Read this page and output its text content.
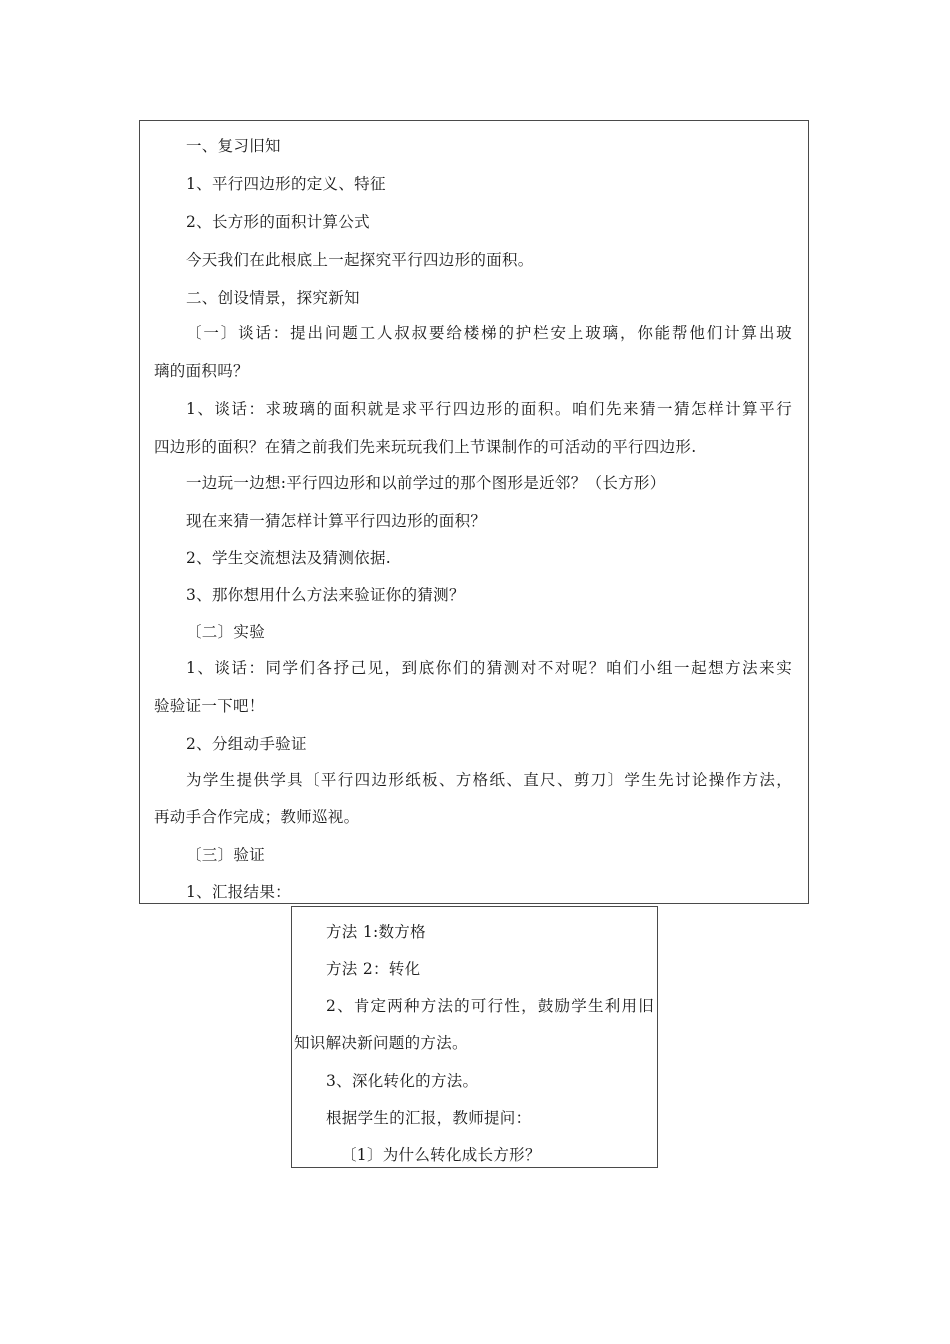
一、复习旧知
1、平行四边形的定义、特征
2、长方形的面积计算公式
今天我们在此根底上一起探究平行四边形的面积。
二、创设情景，探究新知
〔一〕谈话：提出问题工人叔叔要给楼梯的护栏安上玻璃，你能帮他们计算出玻
璃的面积吗？
1、谈话：求玻璃的面积就是求平行四边形的面积。咱们先来猜一猜怎样计算平行
四边形的面积？在猜之前我们先来玩玩我们上节课制作的可活动的平行四边形.
一边玩一边想:平行四边形和以前学过的那个图形是近邻？（长方形）
现在来猜一猜怎样计算平行四边形的面积？
2、学生交流想法及猜测依据.
3、那你想用什么方法来验证你的猜测？
〔二〕实验
1、谈话：同学们各抒己见，到底你们的猜测对不对呢？咱们小组一起想方法来实
验验证一下吧！
2、分组动手验证
为学生提供学具〔平行四边形纸板、方格纸、直尺、剪刀〕学生先讨论操作方法，
再动手合作完成；教师巡视。
〔三〕验证
1、汇报结果：
方法 1:数方格
方法 2：转化
2、肯定两种方法的可行性，鼓励学生利用旧
知识解决新问题的方法。
3、深化转化的方法。
根据学生的汇报，教师提问：
〔1〕为什么转化成长方形？
